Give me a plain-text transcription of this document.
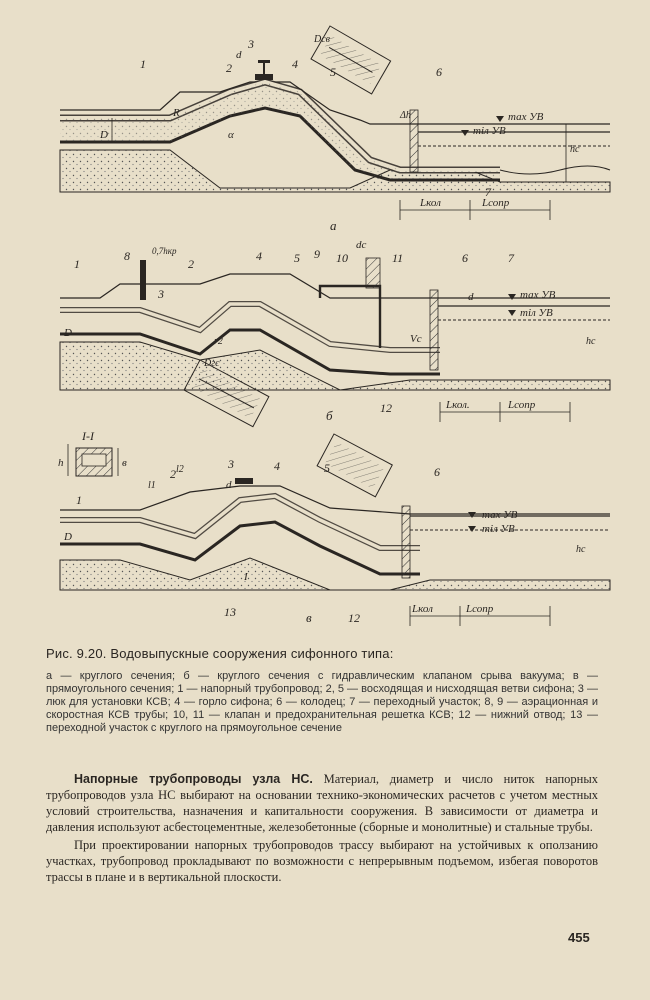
1	2
3
4
5	6
7
d
D
R
α
Δh
Dсв
hc
тах УВ
тіл УВ
Lкол	Lсопр
а
1	2
3
4	5	6	7
8	9 10	11
12
dc
d
D
hc
Vc
r2
Dгс
0,7hкр
тах УВ
тіл УВ
Lкол.	Lсопр
б
I-I
h	в
1
2
3	4	5	6
12
13
d
D
I
l1
l2
hc
тах УВ
тіл УВ
Lкол	Lсопр
в
Рис. 9.20. Водовыпускные сооружения сифонного типа:
а — круглого сечения; б — круглого сечения с гидравлическим клапаном срыва вакуума; в — прямоугольного сечения; 1 — напорный трубопровод; 2, 5 — восходящая и нисходящая ветви сифона; 3 — люк для установки КСВ; 4 — горло сифона; 6 — колодец; 7 — переходный участок; 8, 9 — аэрационная и скоростная КСВ трубы; 10, 11 — клапан и предохранительная решетка КСВ; 12 — нижний отвод; 13 — переходной участок с круглого на прямоугольное сечение

Напорные трубопроводы узла НС. Материал, диаметр и число ниток напорных трубопроводов узла НС выбирают на основании технико-экономических расчетов с учетом местных условий строительства, назначения и капитальности сооружения. В зависимости от диаметра и давления используют асбестоцементные, железобетонные (сборные и монолитные) и стальные трубы.

При проектировании напорных трубопроводов трассу выбирают на устойчивых к оползанию участках, трубопровод прокладывают по возможности с непрерывным подъемом, избегая поворотов трассы в плане и в вертикальной плоскости.

455
